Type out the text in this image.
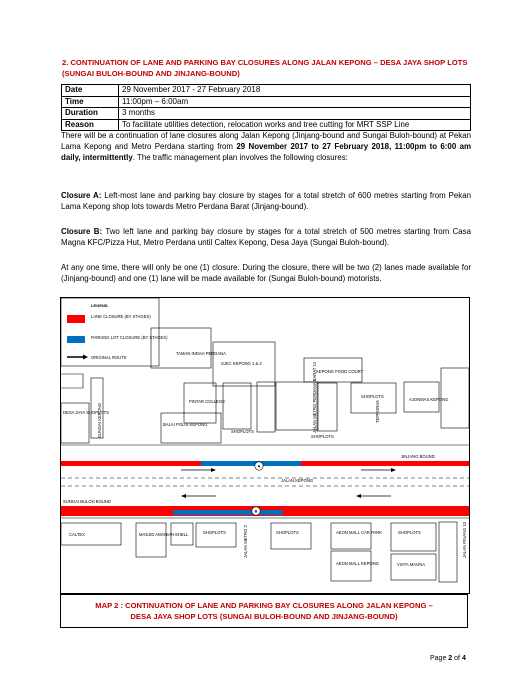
2. CONTINUATION OF LANE AND PARKING BAY CLOSURES ALONG JALAN KEPONG – DESA JAYA SHOP LOTS (SUNGAI BULOH-BOUND AND JINJANG-BOUND)
Date	29 November 2017 - 27 February 2018
Time	11:00pm – 6:00am
Duration	3 months
Reason	To facilitate utilities detection, relocation works and tree cutting for MRT SSP Line

There will be a continuation of lane closures along Jalan Kepong (Jinjang-bound and Sungai Buloh-bound) at Pekan Lama Kepong and Metro Perdana starting from 29 November 2017 to 27 February 2018, 11:00pm to 6:00 am daily, intermittently. The traffic management plan involves the following closures:

Closure A: Left-most lane and parking bay closure by stages for a total stretch of 600 metres starting from Pekan Lama Kepong shop lots towards Metro Perdana Barat (Jinjang-bound).

Closure B: Two left lane and parking bay closure by stages for a total stretch of 500 metres starting from Casa Magna KFC/Pizza Hut, Metro Perdana until Caltex Kepong, Desa Jaya (Sungai Buloh-bound).

At any one time, there will only be one (1) closure. During the closure, there will be two (2) lanes made available for (Jinjang-bound) and one (1) lane will be made available for (Sungai Buloh-bound) motorists.

LEGEND
LANE CLOSURE (BY STAGES)
PARKING LOT CLOSURE (BY STAGES)
ORIGINAL ROUTE
A
B
TAMAN INDAH PERDANA
SJKC KEPONG 1 & 2
KEPONG FOOD COURT
PINTAR COLLEGE
SHOPLOTS
SHOPLOTS
AJONMAS KEPONG
DESA JAYA SHOPLOTS
BALAI POLIS KEPONG
SHOPLOTS
SUNGAI KEPONG	JALAN METRO PERDANA BARAT 14	TEPPORAS
JINJANG BOUND
SUNGAI BULOH BOUND
JALAN KEPONG
CALTEX	MASJID AMANIAH SHELL	SHOPLOTS	SHOPLOTS	AEON MALL CAR PARK
AEON MALL KEPONG
SHOPLOTS
VISTA MAGNA
JALAN METRO 2	JALAN PINANG 10
MAP 2 : CONTINUATION OF LANE AND PARKING BAY CLOSURES ALONG JALAN KEPONG –
DESA JAYA SHOP LOTS (SUNGAI BULOH-BOUND AND JINJANG-BOUND)
Page 2 of 4
